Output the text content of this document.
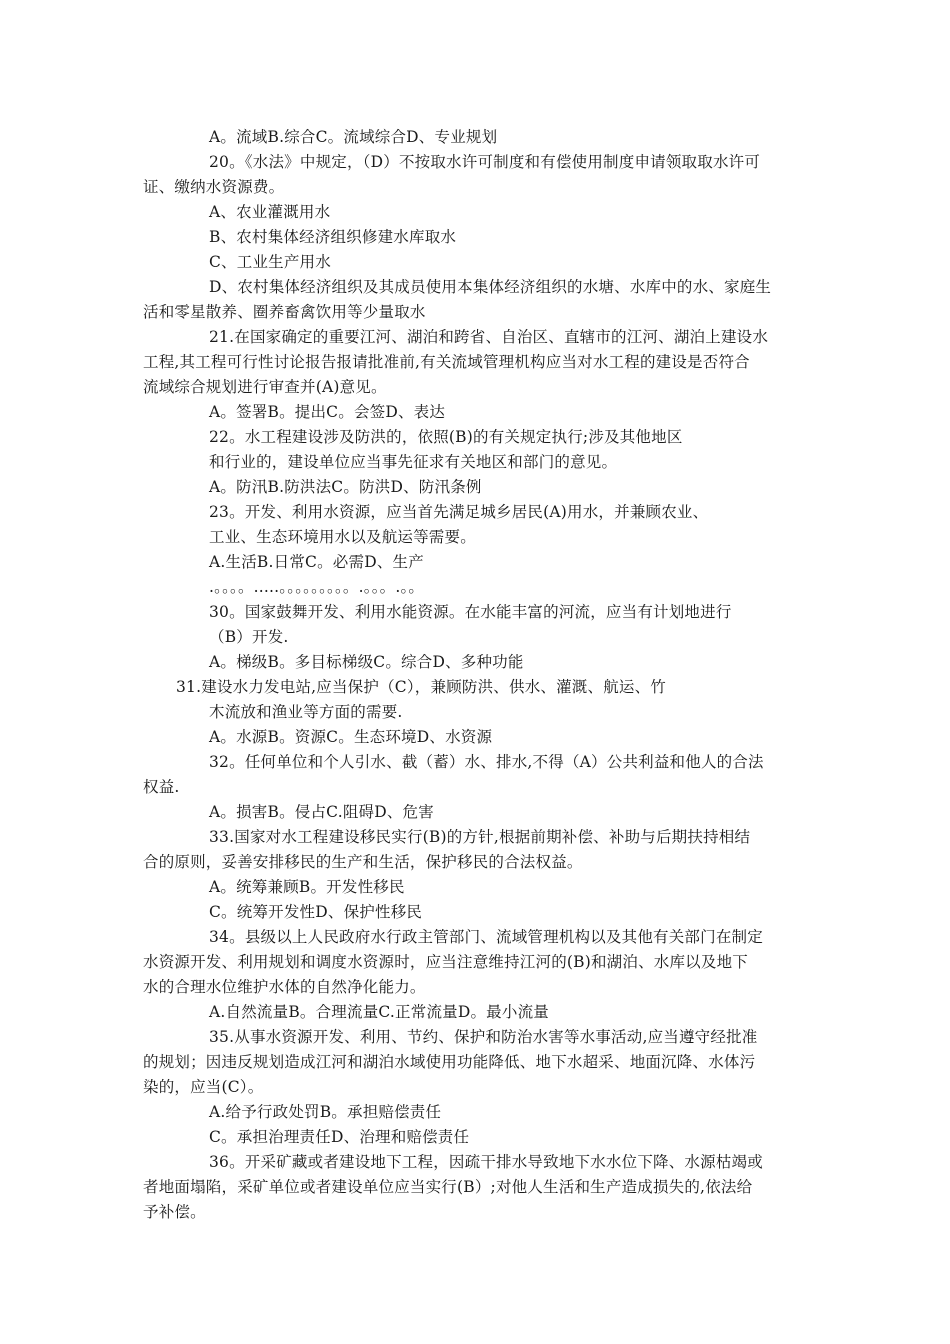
A。流域B.综合C。流域综合D、专业规划
20。《水法》中规定，（D）不按取水许可制度和有偿使用制度申请领取取水许可
证、缴纳水资源费。
A、农业灌溉用水
B、农村集体经济组织修建水库取水
C、工业生产用水
D、农村集体经济组织及其成员使用本集体经济组织的水塘、水库中的水、家庭生
活和零星散养、圈养畜禽饮用等少量取水
21.在国家确定的重要江河、湖泊和跨省、自治区、直辖市的江河、湖泊上建设水
工程,其工程可行性讨论报告报请批准前,有关流域管理机构应当对水工程的建设是否符合
流域综合规划进行审查并(A)意见。
A。签署B。提出C。会签D、表达
22。水工程建设涉及防洪的，依照(B)的有关规定执行;涉及其他地区
和行业的，建设单位应当事先征求有关地区和部门的意见。
A。防汛B.防洪法C。防洪D、防汛条例
23。开发、利用水资源，应当首先满足城乡居民(A)用水，并兼顾农业、
工业、生态环境用水以及航运等需要。
A.生活B.日常C。必需D、生产
.。。。。.....。。。。。。。。。.。。。.。。
30。国家鼓舞开发、利用水能资源。在水能丰富的河流，应当有计划地进行
（B）开发.
A。梯级B。多目标梯级C。综合D、多种功能
31.建设水力发电站,应当保护（C），兼顾防洪、供水、灌溉、航运、竹
木流放和渔业等方面的需要.
A。水源B。资源C。生态环境D、水资源
32。任何单位和个人引水、截（蓄）水、排水,不得（A）公共利益和他人的合法
权益.
A。损害B。侵占C.阻碍D、危害
33.国家对水工程建设移民实行(B)的方针,根据前期补偿、补助与后期扶持相结
合的原则，妥善安排移民的生产和生活，保护移民的合法权益。
A。统筹兼顾B。开发性移民
C。统筹开发性D、保护性移民
34。县级以上人民政府水行政主管部门、流域管理机构以及其他有关部门在制定
水资源开发、利用规划和调度水资源时，应当注意维持江河的(B)和湖泊、水库以及地下
水的合理水位维护水体的自然净化能力。
A.自然流量B。合理流量C.正常流量D。最小流量
35.从事水资源开发、利用、节约、保护和防治水害等水事活动,应当遵守经批准
的规划；因违反规划造成江河和湖泊水域使用功能降低、地下水超采、地面沉降、水体污
染的，应当(C）。
A.给予行政处罚B。承担赔偿责任
C。承担治理责任D、治理和赔偿责任
36。开采矿藏或者建设地下工程，因疏干排水导致地下水水位下降、水源枯竭或
者地面塌陷，采矿单位或者建设单位应当实行(B）;对他人生活和生产造成损失的,依法给
予补偿。
